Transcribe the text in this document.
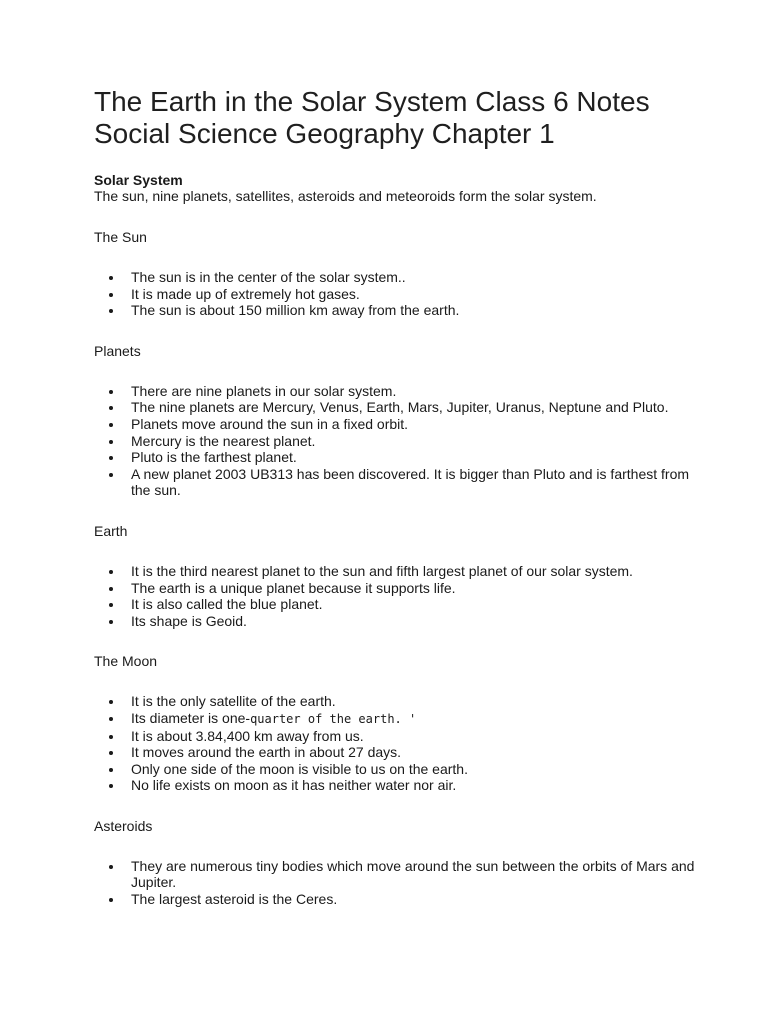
The Earth in the Solar System Class 6 Notes
Social Science Geography Chapter 1
Solar System

The sun, nine planets, satellites, asteroids and meteoroids form the solar system.

The Sun
The sun is in the center of the solar system..
It is made up of extremely hot gases.
The sun is about 150 million km away from the earth.
Planets
There are nine planets in our solar system.
The nine planets are Mercury, Venus, Earth, Mars, Jupiter, Uranus, Neptune and Pluto.
Planets move around the sun in a fixed orbit.
Mercury is the nearest planet.
Pluto is the farthest planet.
A new planet 2003 UB313 has been discovered. It is bigger than Pluto and is farthest from the sun.
Earth
It is the third nearest planet to the sun and fifth largest planet of our solar system.
The earth is a unique planet because it supports life.
It is also called the blue planet.
Its shape is Geoid.
The Moon
It is the only satellite of the earth.
Its diameter is one-quarter of the earth. '
It is about 3.84,400 km away from us.
It moves around the earth in about 27 days.
Only one side of the moon is visible to us on the earth.
No life exists on moon as it has neither water nor air.
Asteroids
They are numerous tiny bodies which move around the sun between the orbits of Mars and Jupiter.
The largest asteroid is the Ceres.
